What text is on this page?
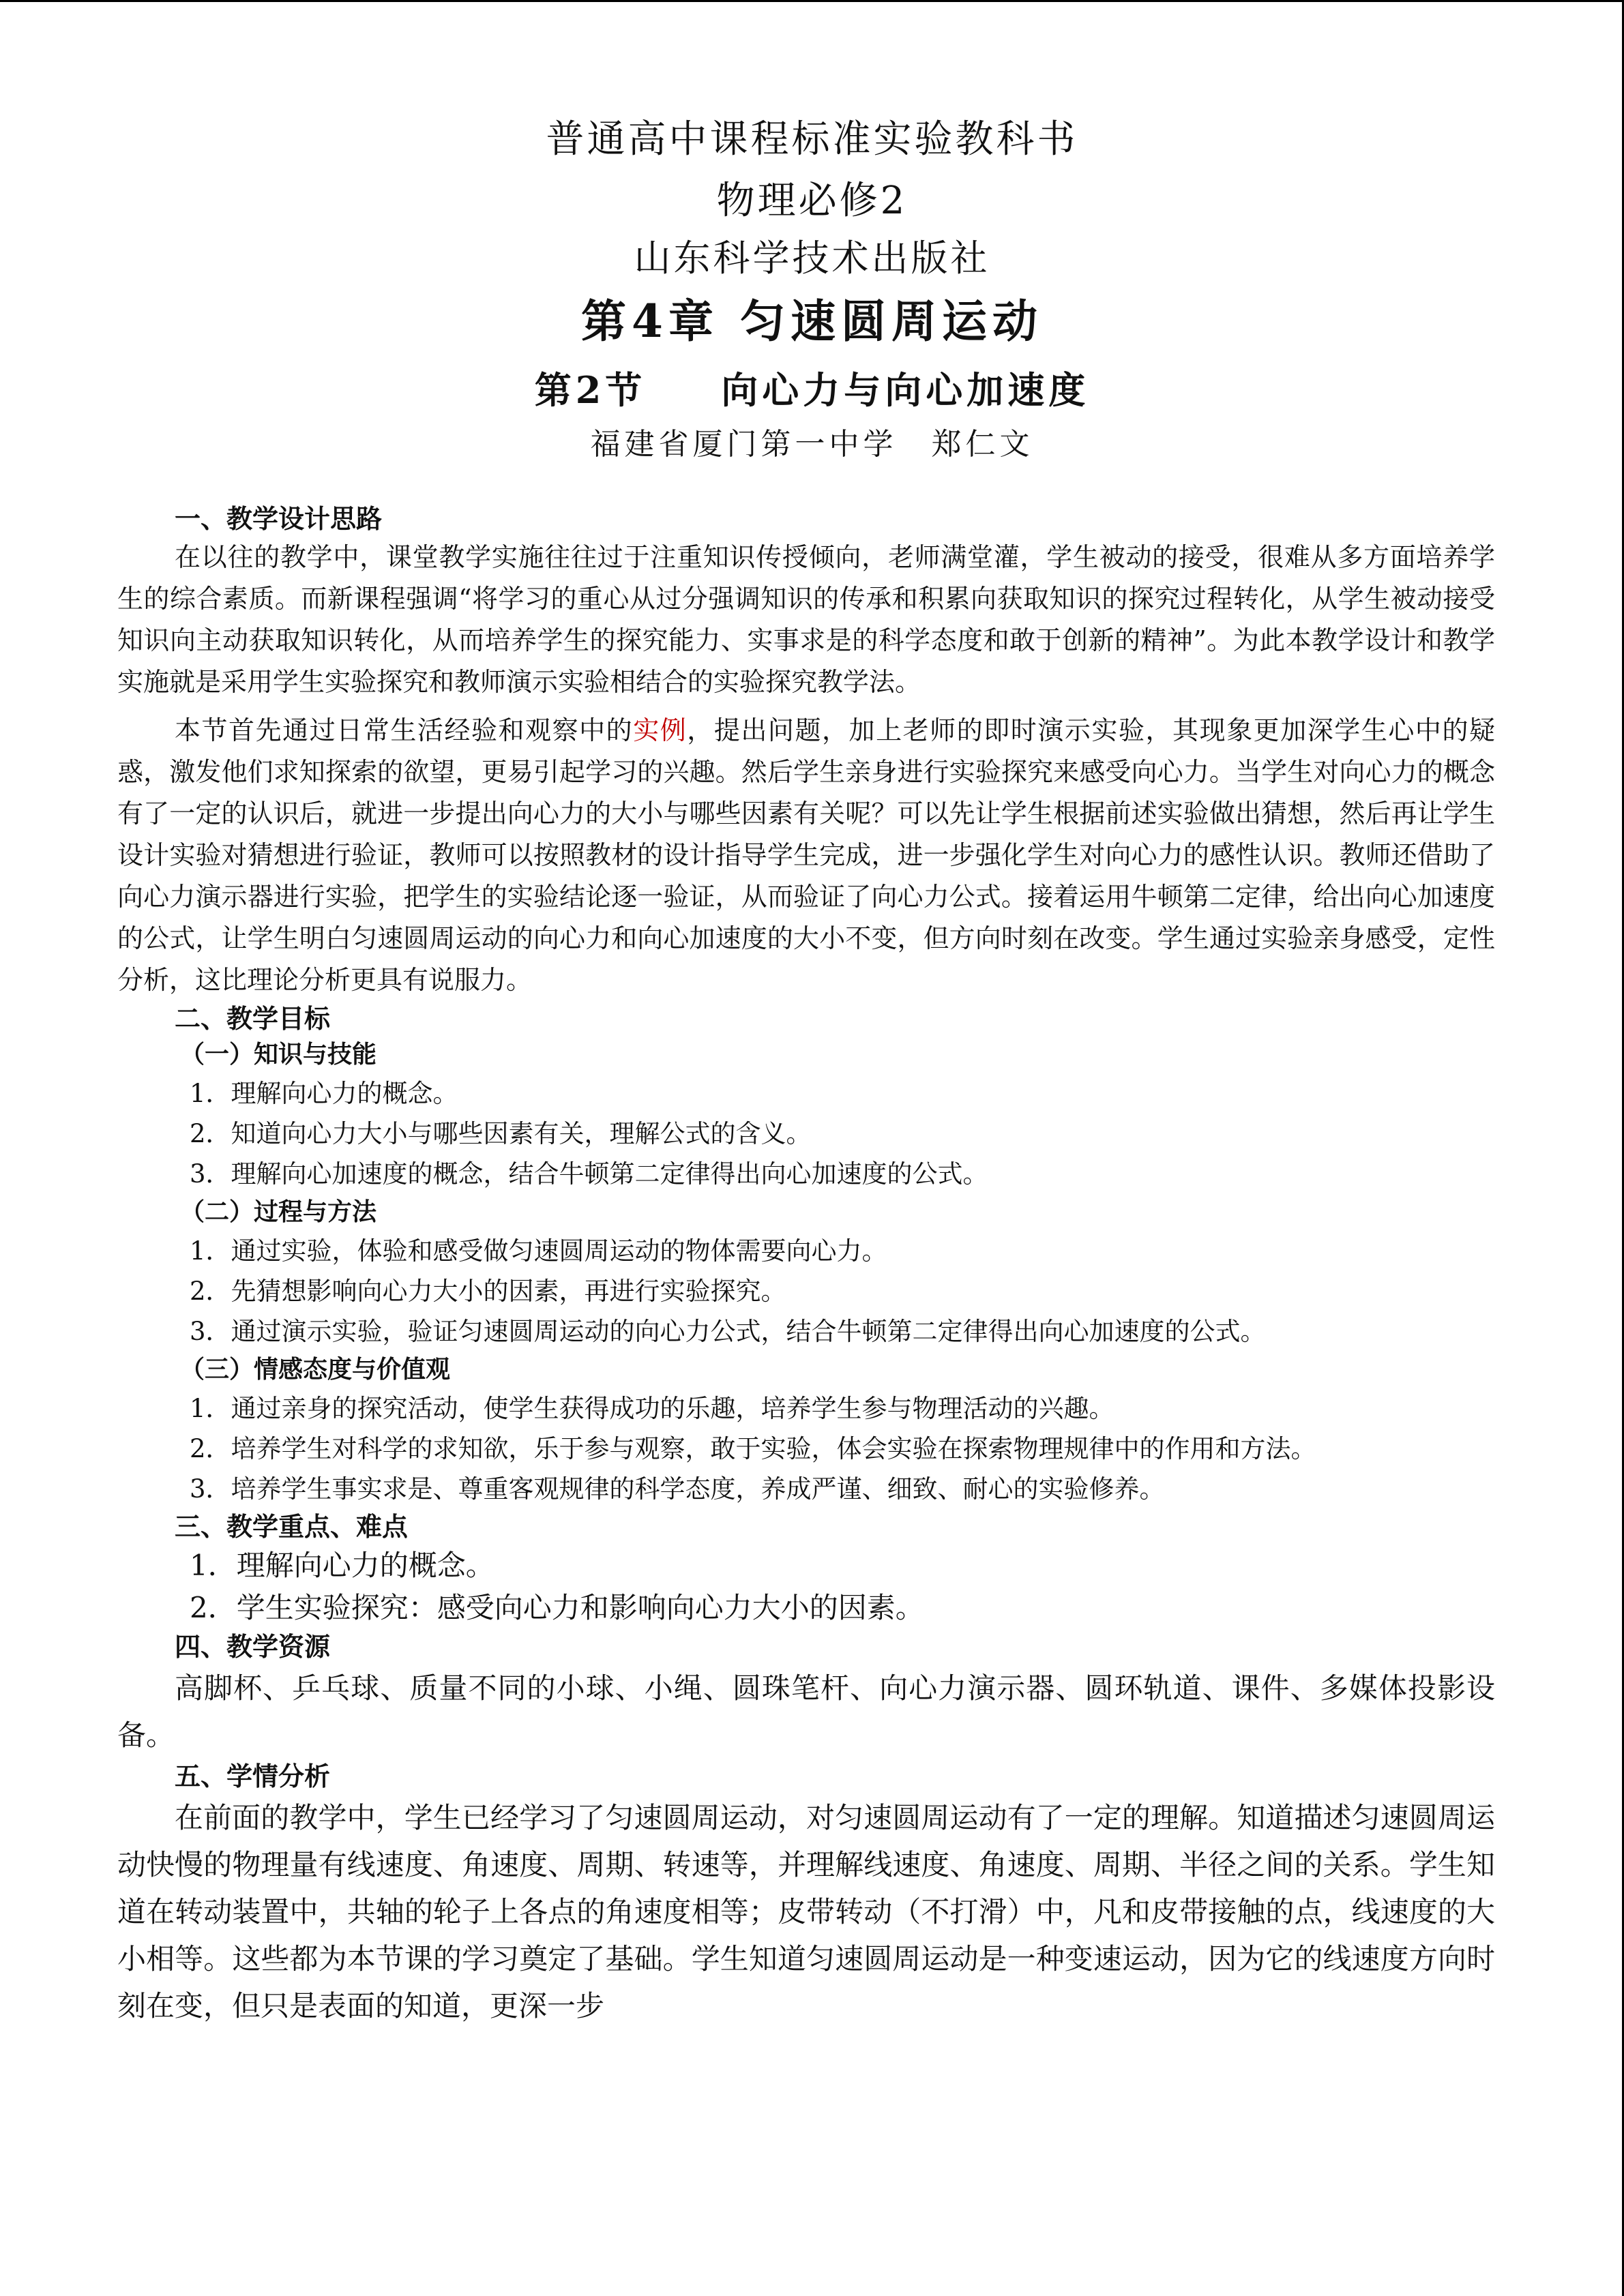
普通高中课程标准实验教科书
物理必修2
山东科学技术出版社
第4章 匀速圆周运动
第2节 向心力与向心加速度
福建省厦门第一中学 郑仁文
一、教学设计思路

在以往的教学中，课堂教学实施往往过于注重知识传授倾向，老师满堂灌，学生被动的接受，很难从多方面培养学生的综合素质。而新课程强调“将学习的重心从过分强调知识的传承和积累向获取知识的探究过程转化，从学生被动接受知识向主动获取知识转化，从而培养学生的探究能力、实事求是的科学态度和敢于创新的精神”。为此本教学设计和教学实施就是采用学生实验探究和教师演示实验相结合的实验探究教学法。

本节首先通过日常生活经验和观察中的实例，提出问题，加上老师的即时演示实验，其现象更加深学生心中的疑惑，激发他们求知探索的欲望，更易引起学习的兴趣。然后学生亲身进行实验探究来感受向心力。当学生对向心力的概念有了一定的认识后，就进一步提出向心力的大小与哪些因素有关呢？可以先让学生根据前述实验做出猜想，然后再让学生设计实验对猜想进行验证，教师可以按照教材的设计指导学生完成，进一步强化学生对向心力的感性认识。教师还借助了向心力演示器进行实验，把学生的实验结论逐一验证，从而验证了向心力公式。接着运用牛顿第二定律，给出向心加速度的公式，让学生明白匀速圆周运动的向心力和向心加速度的大小不变，但方向时刻在改变。学生通过实验亲身感受，定性分析，这比理论分析更具有说服力。

二、教学目标
（一）知识与技能
1．理解向心力的概念。
2．知道向心力大小与哪些因素有关，理解公式的含义。
3．理解向心加速度的概念，结合牛顿第二定律得出向心加速度的公式。
（二）过程与方法
1．通过实验，体验和感受做匀速圆周运动的物体需要向心力。
2．先猜想影响向心力大小的因素，再进行实验探究。
3．通过演示实验，验证匀速圆周运动的向心力公式，结合牛顿第二定律得出向心加速度的公式。
（三）情感态度与价值观
1．通过亲身的探究活动，使学生获得成功的乐趣，培养学生参与物理活动的兴趣。
2．培养学生对科学的求知欲，乐于参与观察，敢于实验，体会实验在探索物理规律中的作用和方法。
3．培养学生事实求是、尊重客观规律的科学态度，养成严谨、细致、耐心的实验修养。
三、教学重点、难点
1．理解向心力的概念。
2．学生实验探究：感受向心力和影响向心力大小的因素。
四、教学资源

高脚杯、乒乓球、质量不同的小球、小绳、圆珠笔杆、向心力演示器、圆环轨道、课件、多媒体投影设备。

五、学情分析

在前面的教学中，学生已经学习了匀速圆周运动，对匀速圆周运动有了一定的理解。知道描述匀速圆周运动快慢的物理量有线速度、角速度、周期、转速等，并理解线速度、角速度、周期、半径之间的关系。学生知道在转动装置中，共轴的轮子上各点的角速度相等；皮带转动（不打滑）中，凡和皮带接触的点，线速度的大小相等。这些都为本节课的学习奠定了基础。学生知道匀速圆周运动是一种变速运动，因为它的线速度方向时刻在变，但只是表面的知道，更深一步
